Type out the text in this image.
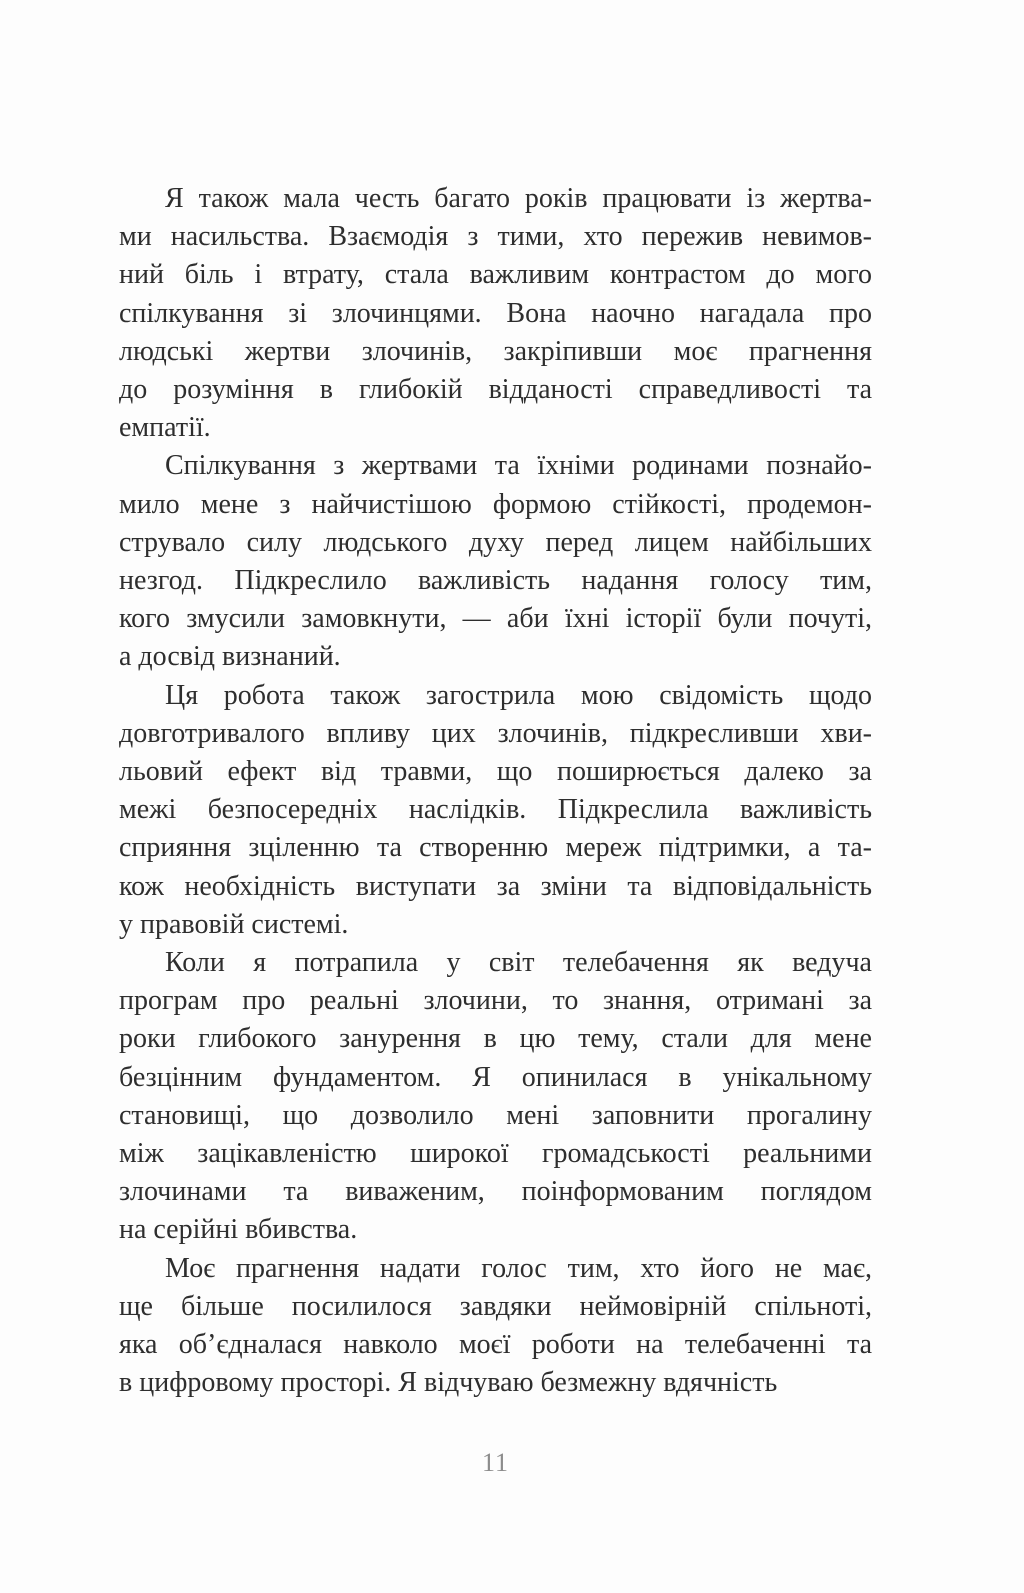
Я також мала честь багато років працювати із жертва-
ми насильства. Взаємодія з тими, хто пережив невимов-
ний біль і втрату, стала важливим контрастом до мого
спілкування зі злочинцями. Вона наочно нагадала про
людські жертви злочинів, закріпивши моє прагнення
до розуміння в глибокій відданості справедливості та
емпатії.

Спілкування з жертвами та їхніми родинами познайо-
мило мене з найчистішою формою стійкості, продемон-
струвало силу людського духу перед лицем найбільших
незгод. Підкреслило важливість надання голосу тим,
кого змусили замовкнути, — аби їхні історії були почуті,
а досвід визнаний.

Ця робота також загострила мою свідомість щодо
довготривалого впливу цих злочинів, підкресливши хви-
льовий ефект від травми, що поширюється далеко за
межі безпосередніх наслідків. Підкреслила важливість
сприяння зціленню та створенню мереж підтримки, а та-
кож необхідність виступати за зміни та відповідальність
у правовій системі.

Коли я потрапила у світ телебачення як ведуча
програм про реальні злочини, то знання, отримані за
роки глибокого занурення в цю тему, стали для мене
безцінним фундаментом. Я опинилася в унікальному
становищі, що дозволило мені заповнити прогалину
між зацікавленістю широкої громадськості реальними
злочинами та виваженим, поінформованим поглядом
на серійні вбивства.

Моє прагнення надати голос тим, хто його не має,
ще більше посилилося завдяки неймовірній спільноті,
яка об’єдналася навколо моєї роботи на телебаченні та
в цифровому просторі. Я відчуваю безмежну вдячність

11
